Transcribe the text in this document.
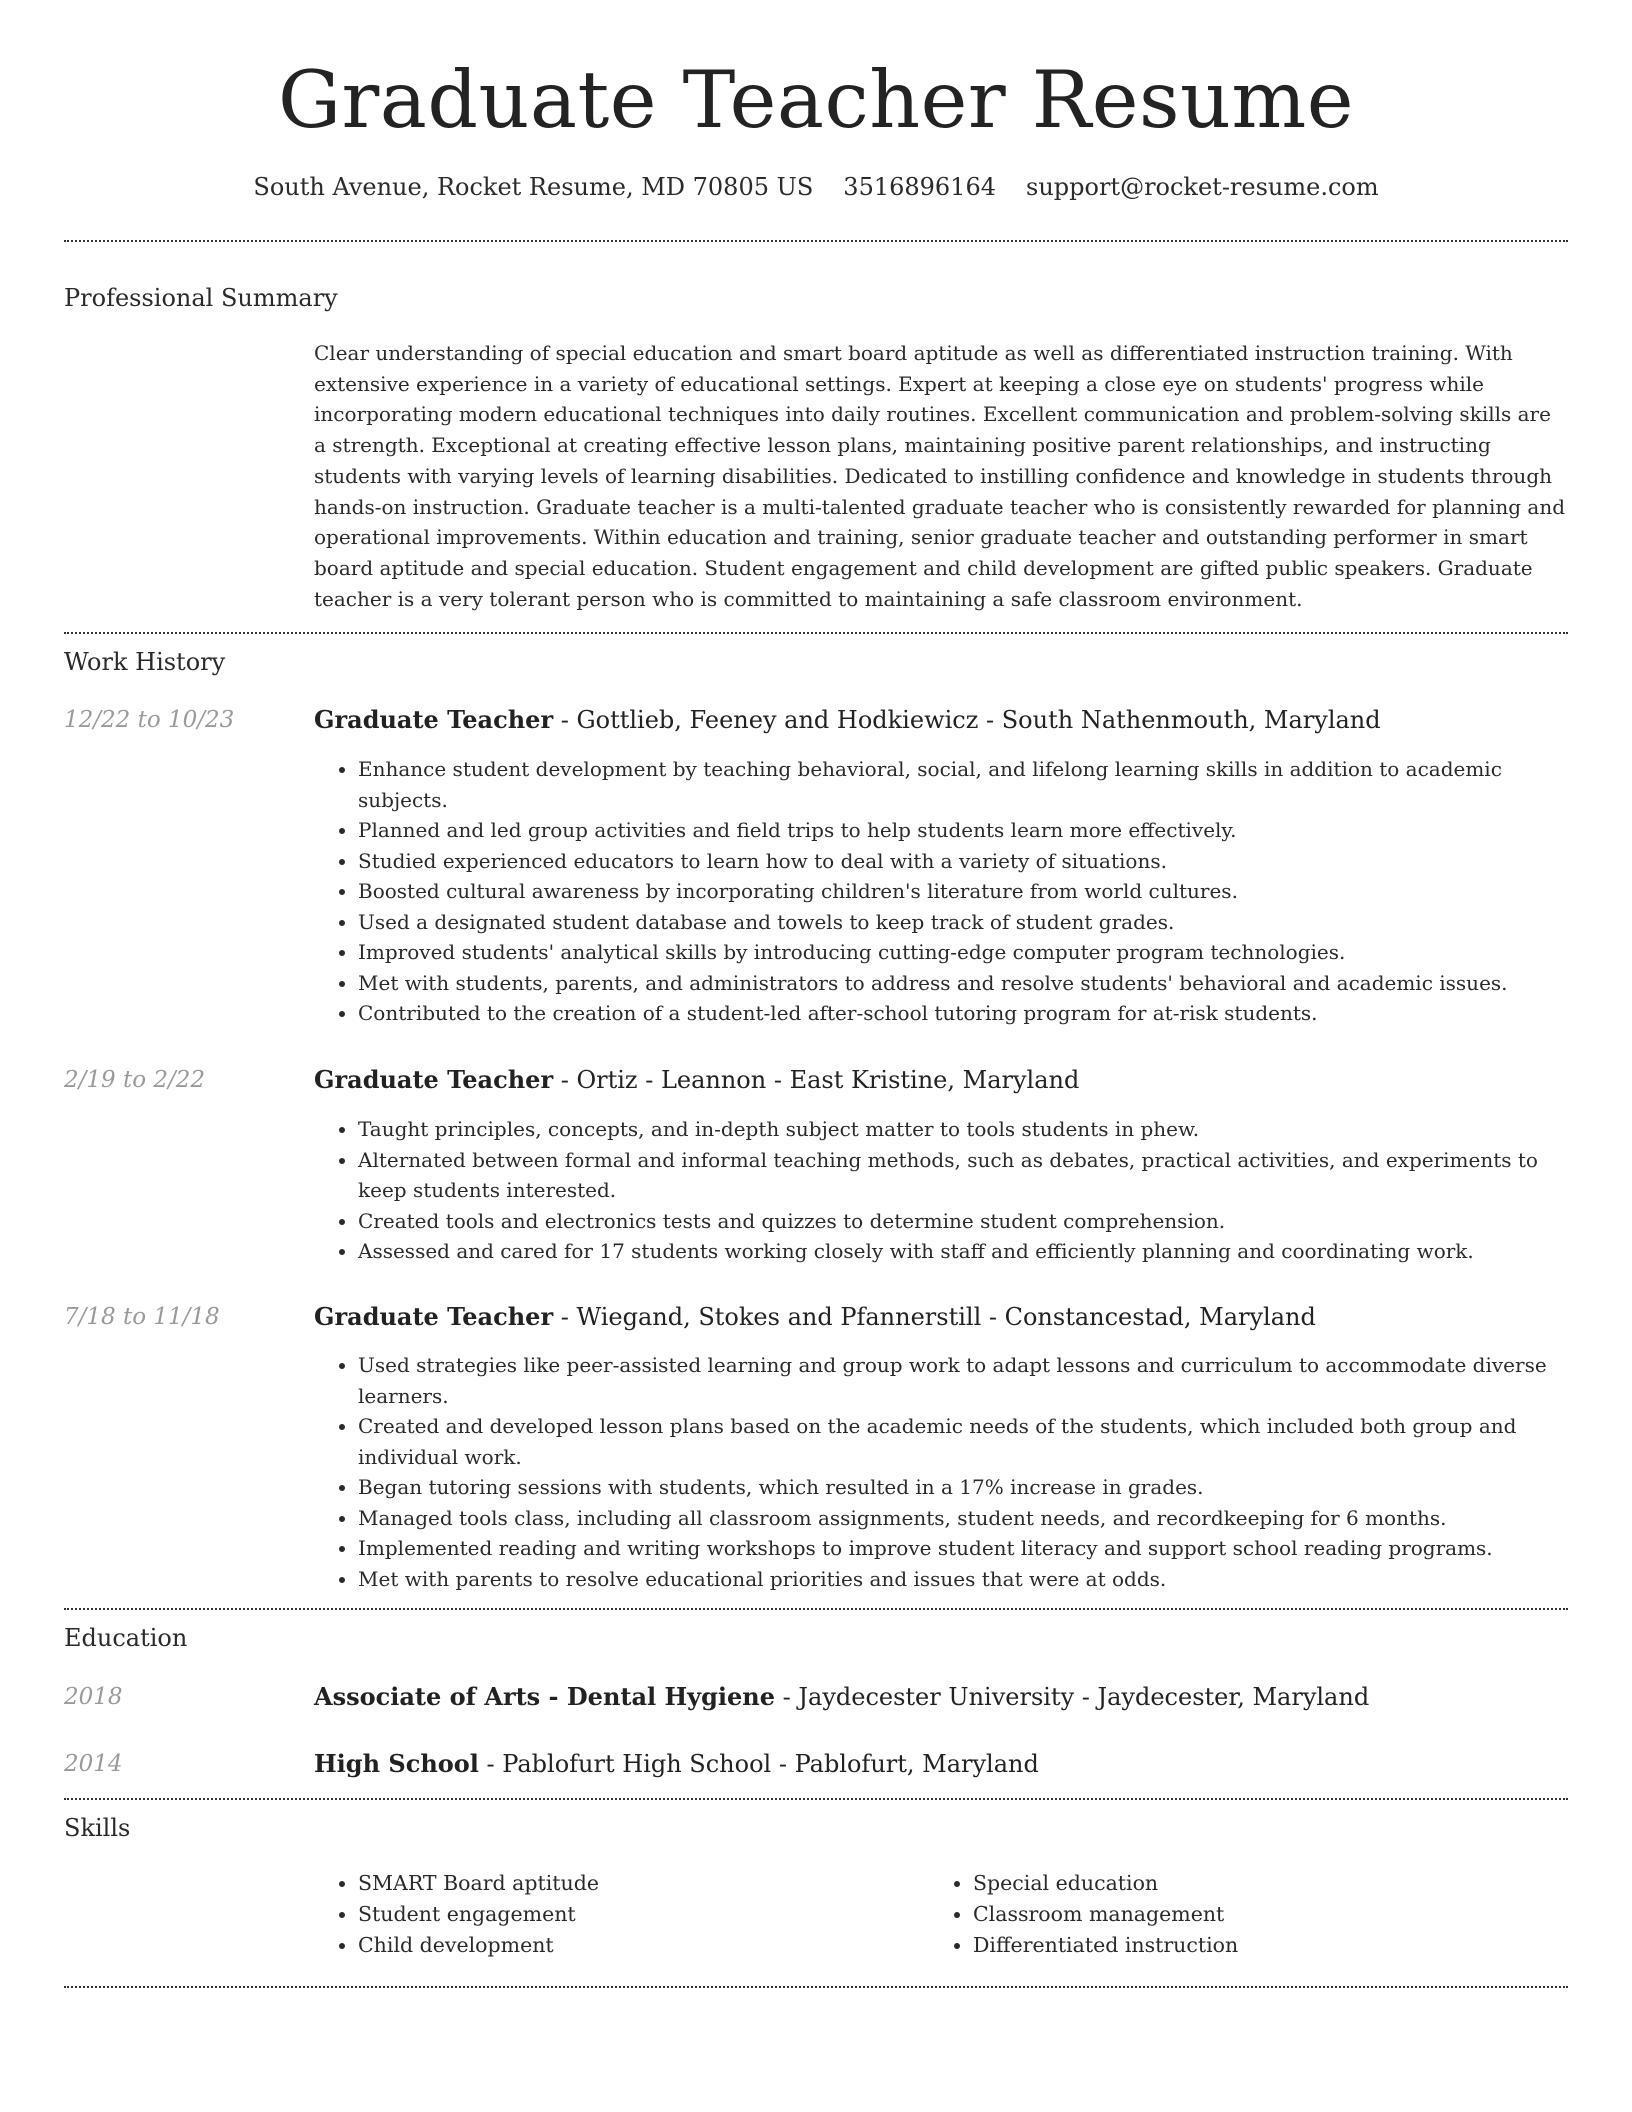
Graduate Teacher Resume
South Avenue, Rocket Resume, MD 70805 US 3516896164 support@rocket-resume.com
Professional Summary

Clear understanding of special education and smart board aptitude as well as differentiated instruction training. With extensive experience in a variety of educational settings. Expert at keeping a close eye on students' progress while incorporating modern educational techniques into daily routines. Excellent communication and problem-solving skills are a strength. Exceptional at creating effective lesson plans, maintaining positive parent relationships, and instructing students with varying levels of learning disabilities. Dedicated to instilling confidence and knowledge in students through hands-on instruction. Graduate teacher is a multi-talented graduate teacher who is consistently rewarded for planning and operational improvements. Within education and training, senior graduate teacher and outstanding performer in smart board aptitude and special education. Student engagement and child development are gifted public speakers. Graduate teacher is a very tolerant person who is committed to maintaining a safe classroom environment.

Work History
12/22 to 10/23	Graduate Teacher - Gottlieb, Feeney and Hodkiewicz - South Nathenmouth, Maryland
• Enhance student development by teaching behavioral, social, and lifelong learning skills in addition to academic subjects.
• Planned and led group activities and field trips to help students learn more effectively.
• Studied experienced educators to learn how to deal with a variety of situations.
• Boosted cultural awareness by incorporating children's literature from world cultures.
• Used a designated student database and towels to keep track of student grades.
• Improved students' analytical skills by introducing cutting-edge computer program technologies.
• Met with students, parents, and administrators to address and resolve students' behavioral and academic issues.
• Contributed to the creation of a student-led after-school tutoring program for at-risk students.
2/19 to 2/22	Graduate Teacher - Ortiz - Leannon - East Kristine, Maryland
• Taught principles, concepts, and in-depth subject matter to tools students in phew.
• Alternated between formal and informal teaching methods, such as debates, practical activities, and experiments to keep students interested.
• Created tools and electronics tests and quizzes to determine student comprehension.
• Assessed and cared for 17 students working closely with staff and efficiently planning and coordinating work.
7/18 to 11/18	Graduate Teacher - Wiegand, Stokes and Pfannerstill - Constancestad, Maryland
• Used strategies like peer-assisted learning and group work to adapt lessons and curriculum to accommodate diverse learners.
• Created and developed lesson plans based on the academic needs of the students, which included both group and individual work.
• Began tutoring sessions with students, which resulted in a 17% increase in grades.
• Managed tools class, including all classroom assignments, student needs, and recordkeeping for 6 months.
• Implemented reading and writing workshops to improve student literacy and support school reading programs.
• Met with parents to resolve educational priorities and issues that were at odds.
Education
2018	Associate of Arts - Dental Hygiene - Jaydecester University - Jaydecester, Maryland
2014	High School - Pablofurt High School - Pablofurt, Maryland
Skills
• SMART Board aptitude
• Student engagement
• Child development
• Special education
• Classroom management
• Differentiated instruction
